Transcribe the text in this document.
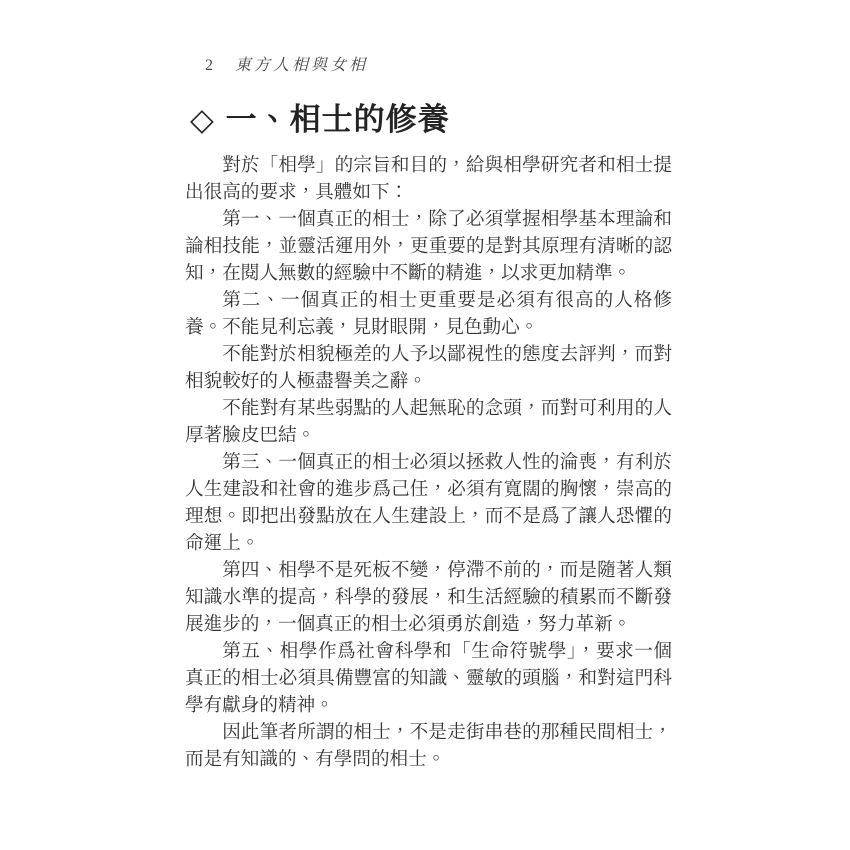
2 東方人相與女相
◇ 一、相士的修養

對於「相學」的宗旨和目的，給與相學研究者和相士提出很高的要求，具體如下：

第一、一個真正的相士，除了必須掌握相學基本理論和論相技能，並靈活運用外，更重要的是對其原理有清晰的認知，在閱人無數的經驗中不斷的精進，以求更加精準。

第二、一個真正的相士更重要是必須有很高的人格修養。不能見利忘義，見財眼開，見色動心。

不能對於相貌極差的人予以鄙視性的態度去評判，而對相貌較好的人極盡譽美之辭。

不能對有某些弱點的人起無恥的念頭，而對可利用的人厚著臉皮巴結。

第三、一個真正的相士必須以拯救人性的淪喪，有利於人生建設和社會的進步爲己任，必須有寬闊的胸懷，崇高的理想。即把出發點放在人生建設上，而不是爲了讓人恐懼的命運上。

第四、相學不是死板不變，停滯不前的，而是隨著人類知識水準的提高，科學的發展，和生活經驗的積累而不斷發展進步的，一個真正的相士必須勇於創造，努力革新。

第五、相學作爲社會科學和「生命符號學」，要求一個真正的相士必須具備豐富的知識、靈敏的頭腦，和對這門科學有獻身的精神。

因此筆者所謂的相士，不是走街串巷的那種民間相士，而是有知識的、有學問的相士。
